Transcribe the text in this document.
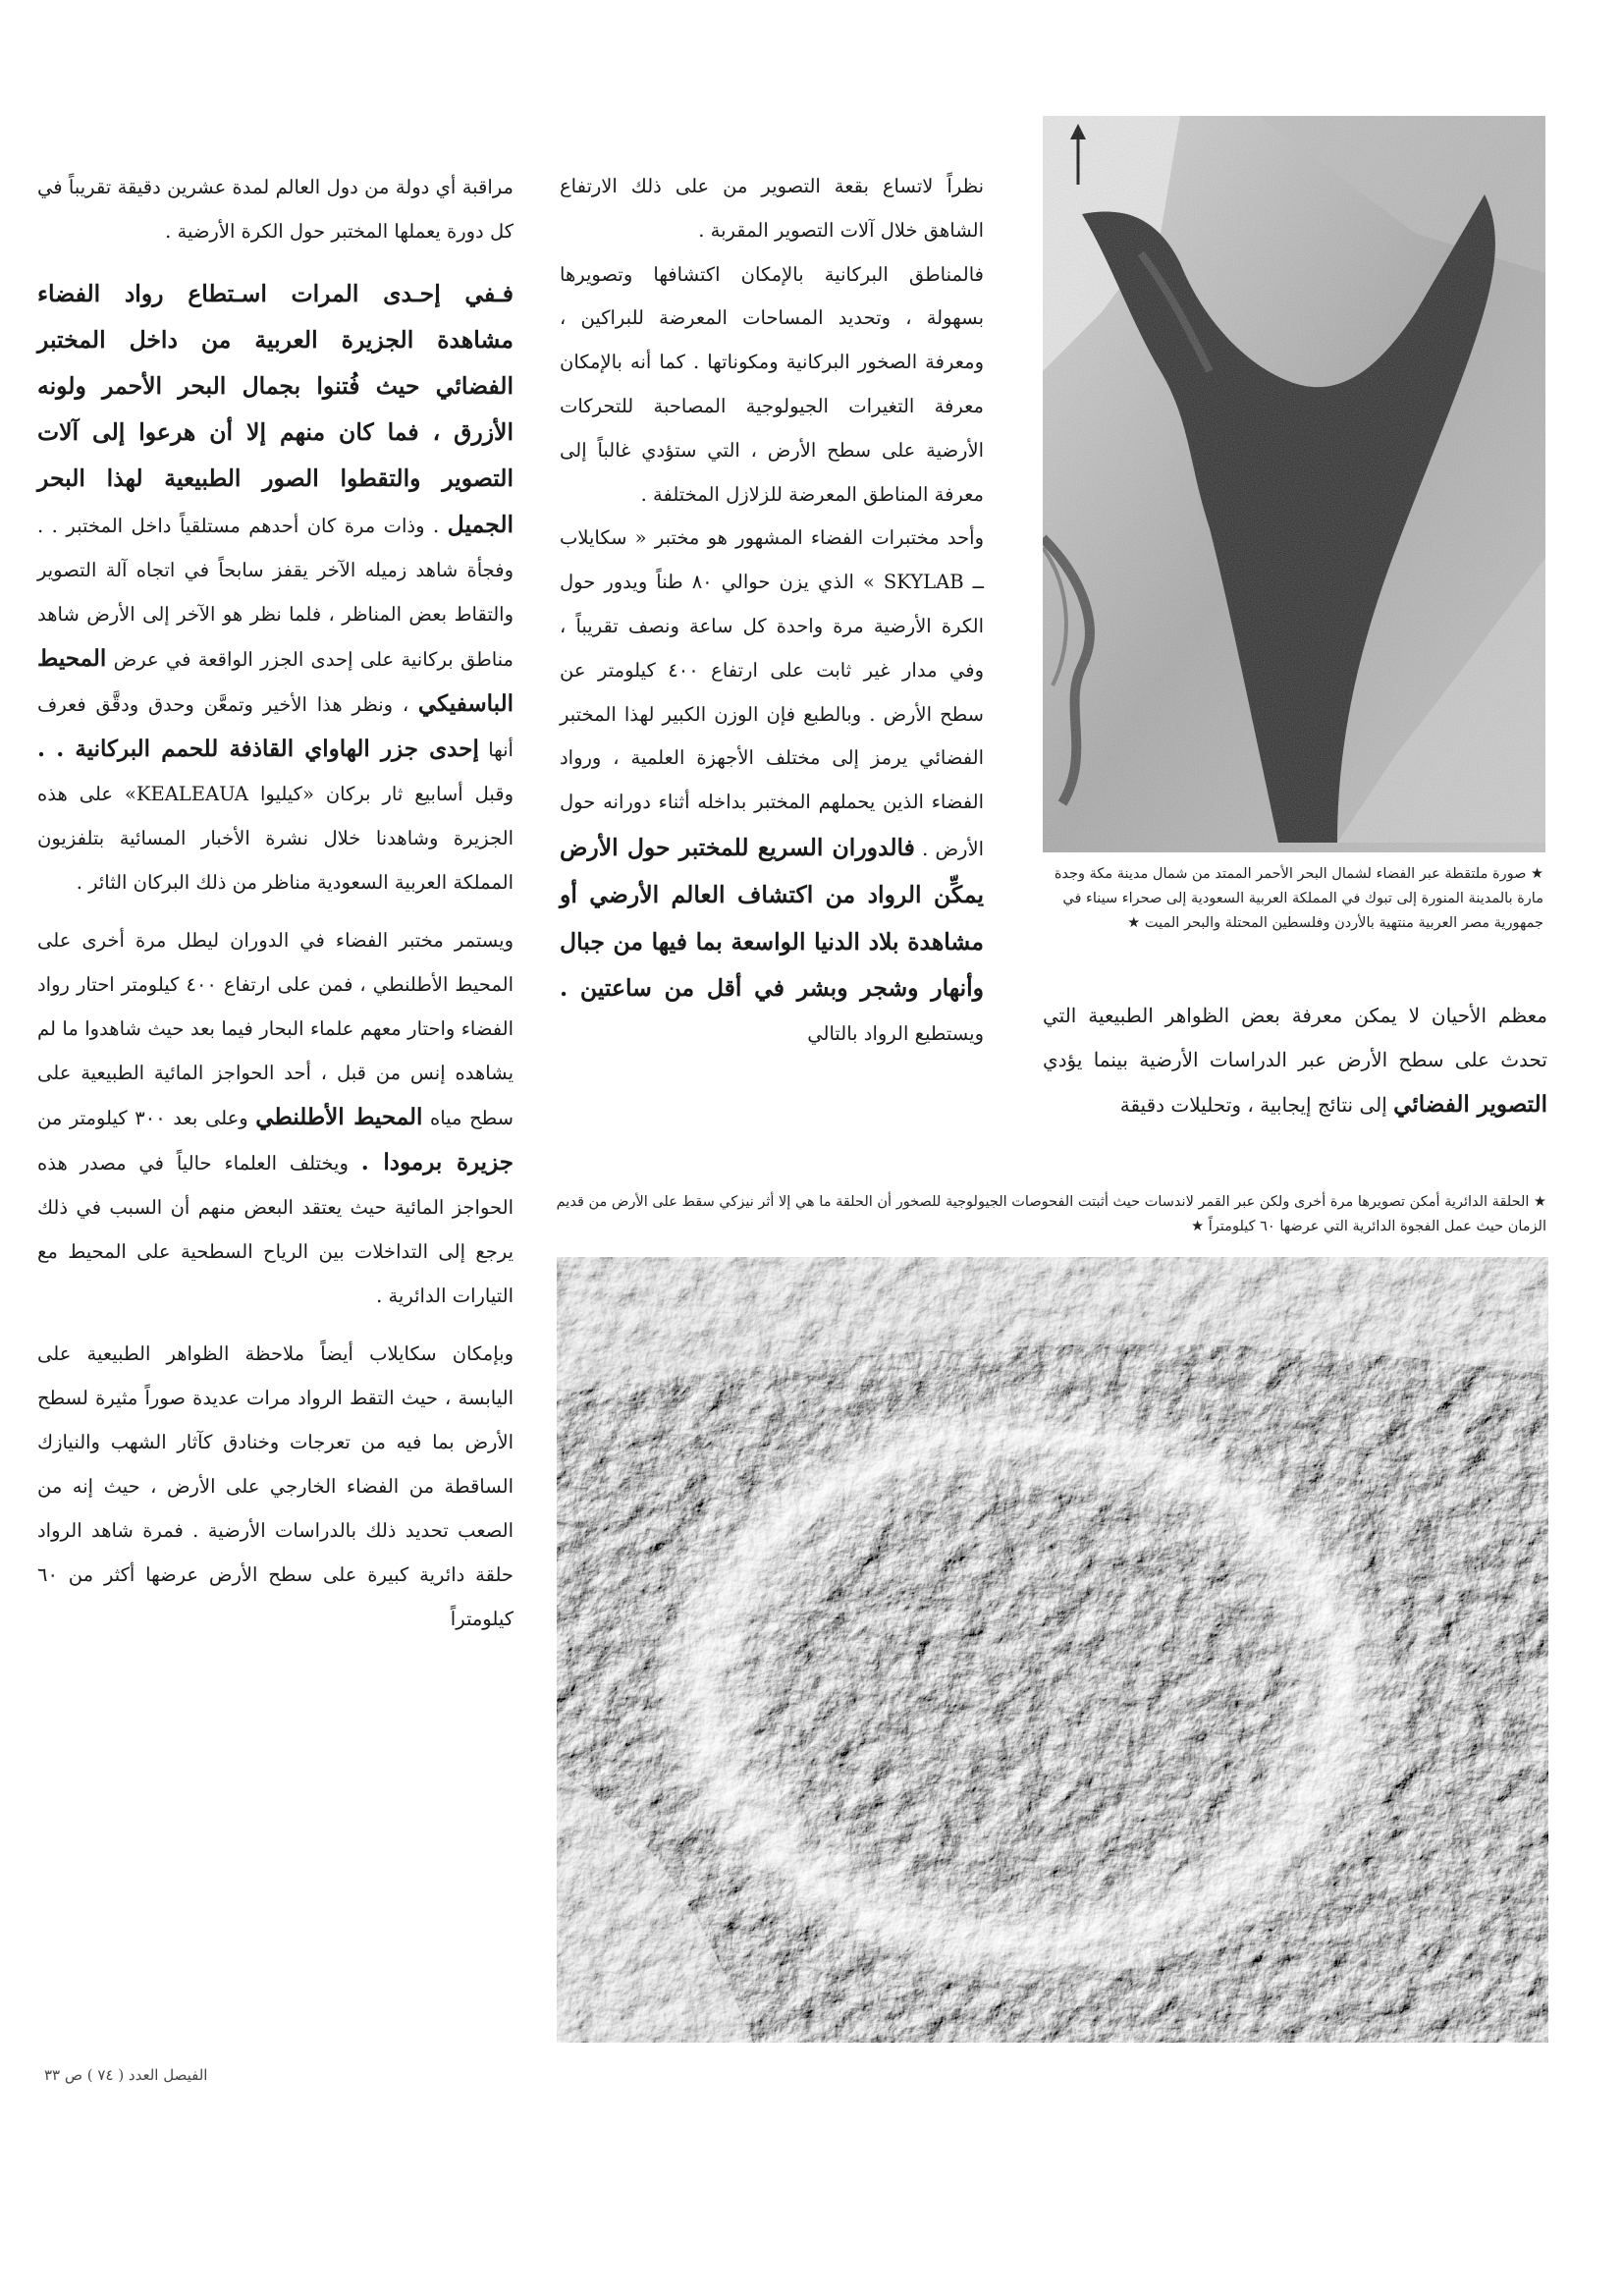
مراقبة أي دولة من دول العالم لمدة عشرين دقيقة تقريباً في كل دورة يعملها المختبر حول الكرة الأرضية .

فـفي إحـدى المرات اسـتطاع رواد الفضاء مشاهدة الجزيرة العربية من داخل المختبر الفضائي حيث فُتنوا بجمال البحر الأحمر ولونه الأزرق ، فما كان منهم إلا أن هرعوا إلى آلات التصوير والتقطوا الصور الطبيعية لهذا البحر الجميل . وذات مرة كان أحدهم مستلقياً داخل المختبر . . وفجأة شاهد زميله الآخر يقفز سابحاً في اتجاه آلة التصوير والتقاط بعض المناظر ، فلما نظر هو الآخر إلى الأرض شاهد مناطق بركانية على إحدى الجزر الواقعة في عرض المحيط الباسفيكي ، ونظر هذا الأخير وتمعَّن وحدق ودقَّق فعرف أنها إحدى جزر الهاواي القاذفة للحمم البركانية . . وقبل أسابيع ثار بركان «كيليوا KEALEAUA» على هذه الجزيرة وشاهدنا خلال نشرة الأخبار المسائية بتلفزيون المملكة العربية السعودية مناظر من ذلك البركان الثائر .

ويستمر مختبر الفضاء في الدوران ليطل مرة أخرى على المحيط الأطلنطي ، فمن على ارتفاع ٤٠٠ كيلومتر احتار رواد الفضاء واحتار معهم علماء البحار فيما بعد حيث شاهدوا ما لم يشاهده إنس من قبل ، أحد الحواجز المائية الطبيعية على سطح مياه المحيط الأطلنطي وعلى بعد ٣٠٠ كيلومتر من جزيرة برمودا . ويختلف العلماء حالياً في مصدر هذه الحواجز المائية حيث يعتقد البعض منهم أن السبب في ذلك يرجع إلى التداخلات بين الرياح السطحية على المحيط مع التيارات الدائرية .

وبإمكان سكايلاب أيضاً ملاحظة الظواهر الطبيعية على اليابسة ، حيث التقط الرواد مرات عديدة صوراً مثيرة لسطح الأرض بما فيه من تعرجات وخنادق كآثار الشهب والنيازك الساقطة من الفضاء الخارجي على الأرض ، حيث إنه من الصعب تحديد ذلك بالدراسات الأرضية . فمرة شاهد الرواد حلقة دائرية كبيرة على سطح الأرض عرضها أكثر من ٦٠ كيلومتراً

نظراً لاتساع بقعة التصوير من على ذلك الارتفاع الشاهق خلال آلات التصوير المقربة .

فالمناطق البركانية بالإمكان اكتشافها وتصويرها بسهولة ، وتحديد المساحات المعرضة للبراكين ، ومعرفة الصخور البركانية ومكوناتها . كما أنه بالإمكان معرفة التغيرات الجيولوجية المصاحبة للتحركات الأرضية على سطح الأرض ، التي ستؤدي غالباً إلى معرفة المناطق المعرضة للزلازل المختلفة .

وأحد مختبرات الفضاء المشهور هو مختبر « سكايلاب ــ SKYLAB » الذي يزن حوالي ٨٠ طناً ويدور حول الكرة الأرضية مرة واحدة كل ساعة ونصف تقريباً ، وفي مدار غير ثابت على ارتفاع ٤٠٠ كيلومتر عن سطح الأرض . وبالطبع فإن الوزن الكبير لهذا المختبر الفضائي يرمز إلى مختلف الأجهزة العلمية ، ورواد الفضاء الذين يحملهم المختبر بداخله أثناء دورانه حول الأرض . فالدوران السريع للمختبر حول الأرض يمكِّن الرواد من اكتشاف العالم الأرضي أو مشاهدة بلاد الدنيا الواسعة بما فيها من جبال وأنهار وشجر وبشر في أقل من ساعتين . ويستطيع الرواد بالتالي

★ صورة ملتقطة عبر الفضاء لشمال البحر الأحمر الممتد من شمال مدينة مكة وجدة مارة بالمدينة المنورة إلى تبوك في المملكة العربية السعودية إلى صحراء سيناء في جمهورية مصر العربية منتهية بالأردن وفلسطين المحتلة والبحر الميت ★

معظم الأحيان لا يمكن معرفة بعض الظواهر الطبيعية التي تحدث على سطح الأرض عبر الدراسات الأرضية بينما يؤدي التصوير الفضائي إلى نتائج إيجابية ، وتحليلات دقيقة

★ الحلقة الدائرية أمكن تصويرها مرة أخرى ولكن عبر القمر لاندسات حيث أثبتت الفحوصات الجيولوجية للصخور أن الحلقة ما هي إلا أثر نيزكي سقط على الأرض من قديم الزمان حيث عمل الفجوة الدائرية التي عرضها ٦٠ كيلومتراً ★
الفيصل العدد ( ٧٤ ) ص ٣٣
